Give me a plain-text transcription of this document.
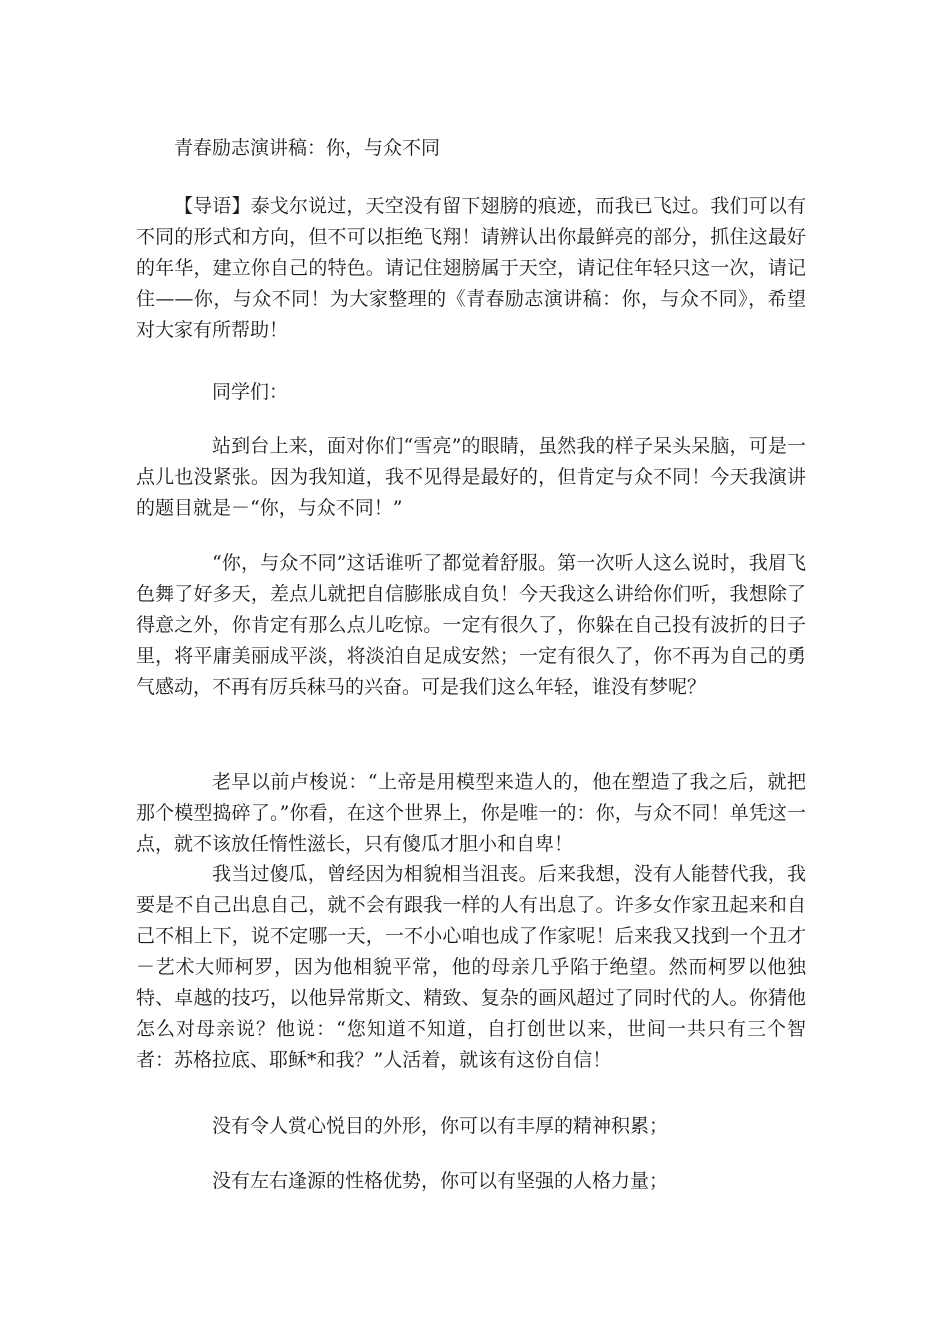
青春励志演讲稿：你，与众不同

【导语】泰戈尔说过，天空没有留下翅膀的痕迹，而我已飞过。我们可以有不同的形式和方向，但不可以拒绝飞翔！请辨认出你最鲜亮的部分，抓住这最好的年华，建立你自己的特色。请记住翅膀属于天空，请记住年轻只这一次，请记住——你，与众不同！为大家整理的《青春励志演讲稿：你，与众不同》，希望对大家有所帮助！

同学们：

站到台上来，面对你们“雪亮”的眼睛，虽然我的样子呆头呆脑，可是一点儿也没紧张。因为我知道，我不见得是最好的，但肯定与众不同！今天我演讲的题目就是－“你，与众不同！”

“你，与众不同”这话谁听了都觉着舒服。第一次听人这么说时，我眉飞色舞了好多天，差点儿就把自信膨胀成自负！今天我这么讲给你们听，我想除了得意之外，你肯定有那么点儿吃惊。一定有很久了，你躲在自己投有波折的日子里，将平庸美丽成平淡，将淡泊自足成安然；一定有很久了，你不再为自己的勇气感动，不再有厉兵秣马的兴奋。可是我们这么年轻，谁没有梦呢？

老早以前卢梭说：“上帝是用模型来造人的，他在塑造了我之后，就把那个模型捣碎了。”你看，在这个世界上，你是唯一的：你，与众不同！单凭这一点，就不该放任惰性滋长，只有傻瓜才胆小和自卑！

我当过傻瓜，曾经因为相貌相当沮丧。后来我想，没有人能替代我，我要是不自己出息自己，就不会有跟我一样的人有出息了。许多女作家丑起来和自己不相上下，说不定哪一天，一不小心咱也成了作家呢！后来我又找到一个丑才－艺术大师柯罗，因为他相貌平常，他的母亲几乎陷于绝望。然而柯罗以他独特、卓越的技巧，以他异常斯文、精致、复杂的画风超过了同时代的人。你猜他怎么对母亲说？他说：“您知道不知道，自打创世以来，世间一共只有三个智者：苏格拉底、耶稣*和我？”人活着，就该有这份自信！

没有令人赏心悦目的外形，你可以有丰厚的精神积累；

没有左右逢源的性格优势，你可以有坚强的人格力量；
